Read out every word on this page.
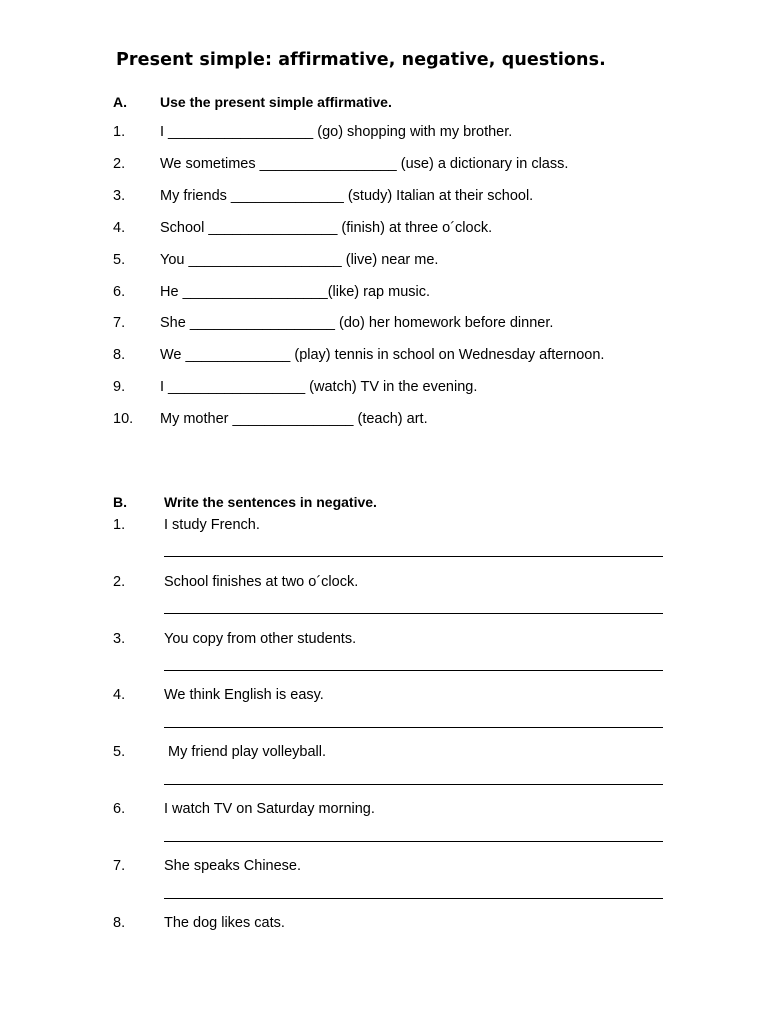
Present simple: affirmative, negative, questions.
A. Use the present simple affirmative.
1. I __________________ (go) shopping with my brother.
2. We sometimes _________________ (use) a dictionary in class.
3. My friends ______________ (study) Italian at their school.
4. School ________________ (finish) at three o´clock.
5. You ___________________ (live) near me.
6. He __________________(like) rap music.
7. She __________________ (do) her homework before dinner.
8. We _____________ (play) tennis in school on Wednesday afternoon.
9. I _________________ (watch) TV in the evening.
10. My mother _______________ (teach) art.
B.	Write the sentences in negative.
1.	I study French.
2.	School finishes at two o´clock.
3.	You copy from other students.
4.	We think English is easy.
5.	My friend play volleyball.
6.	I watch TV on Saturday morning.
7.	She speaks Chinese.
8.	The dog likes cats.
